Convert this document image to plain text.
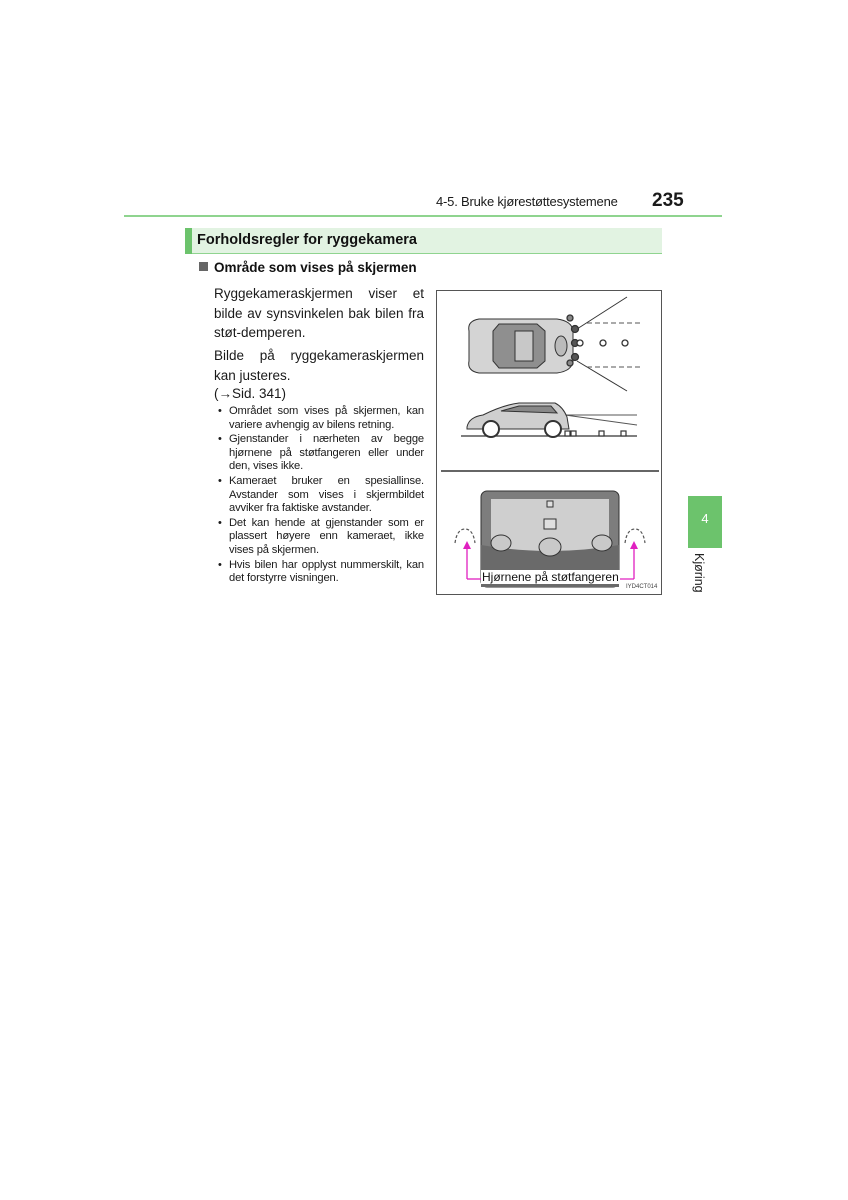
4-5. Bruke kjørestøttesystemene 235
Forholdsregler for ryggekamera
Område som vises på skjermen
Ryggekameraskjermen viser et bilde av synsvinkelen bak bilen fra støt-demperen.
Bilde på ryggekameraskjermen kan justeres.
(→Sid. 341)
• Området som vises på skjermen, kan variere avhengig av bilens retning.
• Gjenstander i nærheten av begge hjørnene på støtfangeren eller under den, vises ikke.
• Kameraet bruker en spesiallinse. Avstander som vises i skjermbildet avviker fra faktiske avstander.
• Det kan hende at gjenstander som er plassert høyere enn kameraet, ikke vises på skjermen.
• Hvis bilen har opplyst nummerskilt, kan det forstyrre visningen.	Hjørnene på støtfangeren
IYD4CT014
4
Kjøring
